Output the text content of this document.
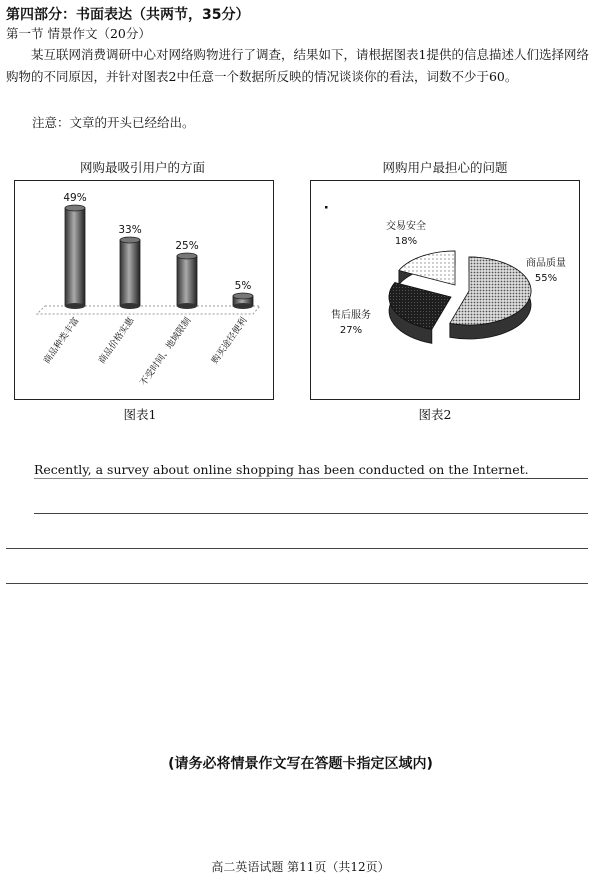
第四部分：书面表达（共两节，35分）
第一节 情景作文（20分）
某互联网消费调研中心对网络购物进行了调查，结果如下，请根据图表1提供的信息描述人们选择网络购物的不同原因，并针对图表2中任意一个数据所反映的情况谈谈你的看法，词数不少于60。
注意：文章的开头已经给出。
网购最吸引用户的方面
49%
商品种类丰富
33%
商品价格实惠
25%
不受时间、地域限制
5%
购买途径便利
图表1
网购用户最担心的问题
商品质量
55%
售后服务
27%
交易安全
18%
图表2
Recently, a survey about online shopping has been conducted on the Internet.
(请务必将情景作文写在答题卡指定区域内)
高二英语试题 第11页（共12页）
